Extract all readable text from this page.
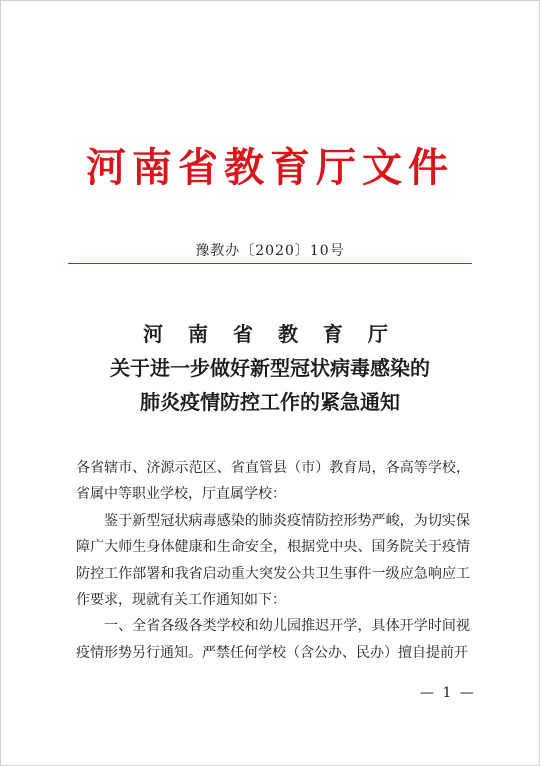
河南省教育厅文件
豫教办〔2020〕10号
河 南 省 教 育 厅
关于进一步做好新型冠状病毒感染的
肺炎疫情防控工作的紧急通知

各省辖市、济源示范区、省直管县（市）教育局，各高等学校，省属中等职业学校，厅直属学校：

鉴于新型冠状病毒感染的肺炎疫情防控形势严峻，为切实保障广大师生身体健康和生命安全，根据党中央、国务院关于疫情防控工作部署和我省启动重大突发公共卫生事件一级应急响应工作要求，现就有关工作通知如下：

一、全省各级各类学校和幼儿园推迟开学，具体开学时间视疫情形势另行通知。严禁任何学校（含公办、民办）擅自提前开

— 1 —
